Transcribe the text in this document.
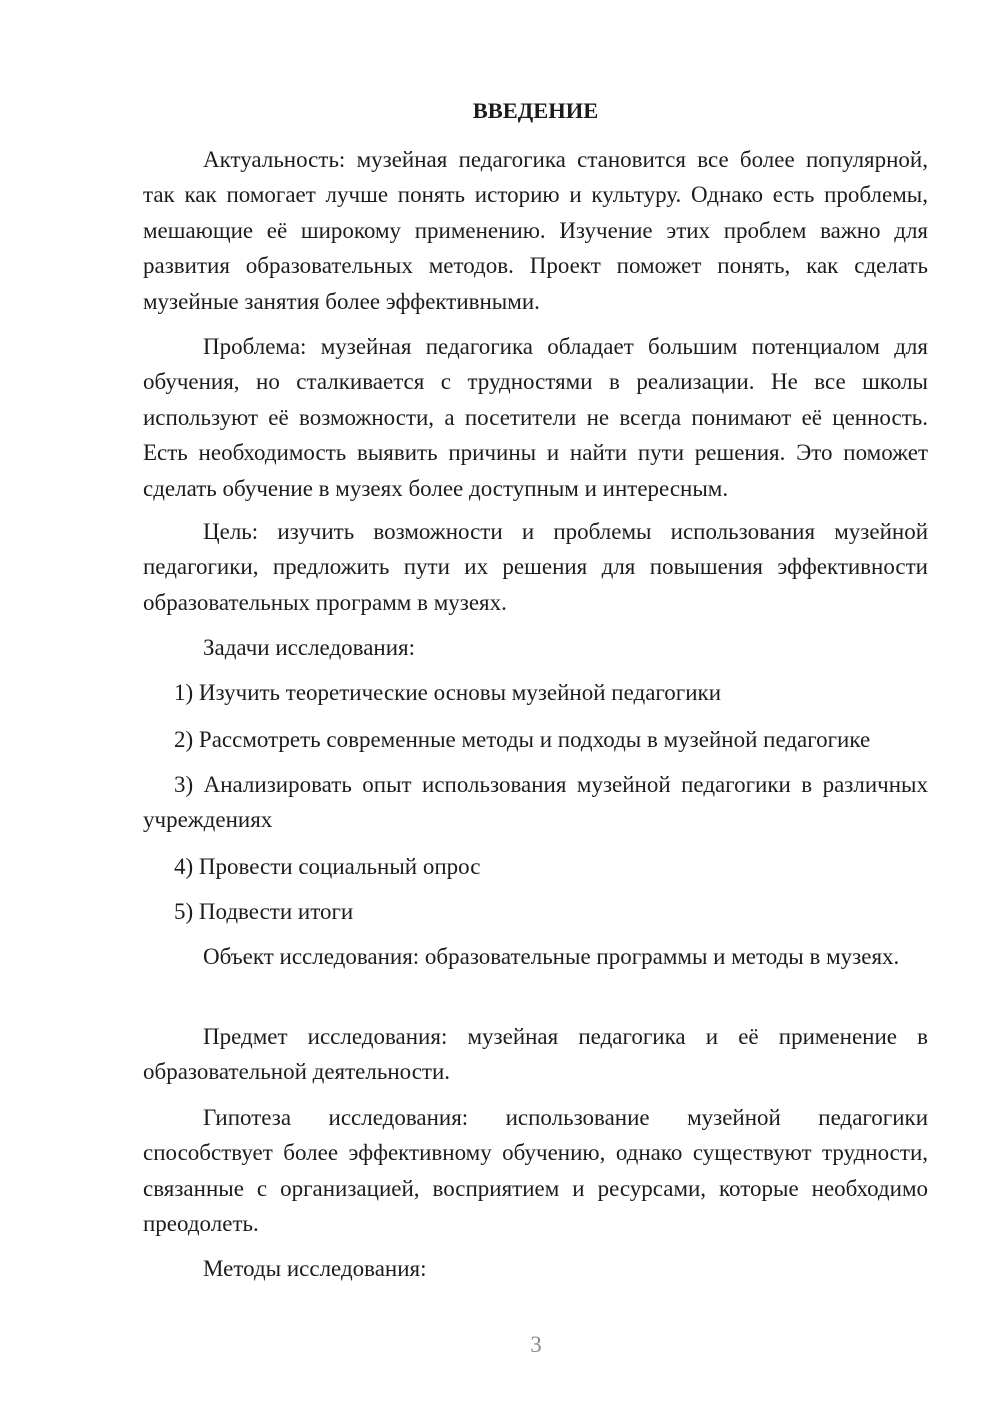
ВВЕДЕНИЕ

Актуальность: музейная педагогика становится все более популярной, так как помогает лучше понять историю и культуру. Однако есть проблемы, мешающие её широкому применению. Изучение этих проблем важно для развития образовательных методов. Проект поможет понять, как сделать музейные занятия более эффективными.

Проблема: музейная педагогика обладает большим потенциалом для обучения, но сталкивается с трудностями в реализации. Не все школы используют её возможности, а посетители не всегда понимают её ценность. Есть необходимость выявить причины и найти пути решения. Это поможет сделать обучение в музеях более доступным и интересным.

Цель: изучить возможности и проблемы использования музейной педагогики, предложить пути их решения для повышения эффективности образовательных программ в музеях.

Задачи исследования:

1) Изучить теоретические основы музейной педагогики

2) Рассмотреть современные методы и подходы в музейной педагогике

3) Анализировать опыт использования музейной педагогики в различных учреждениях

4) Провести социальный опрос

5) Подвести итоги

Объект исследования: образовательные программы и методы в музеях.

Предмет исследования: музейная педагогика и её применение в образовательной деятельности.

Гипотеза исследования: использование музейной педагогики способствует более эффективному обучению, однако существуют трудности, связанные с организацией, восприятием и ресурсами, которые необходимо преодолеть.

Методы исследования:

3
